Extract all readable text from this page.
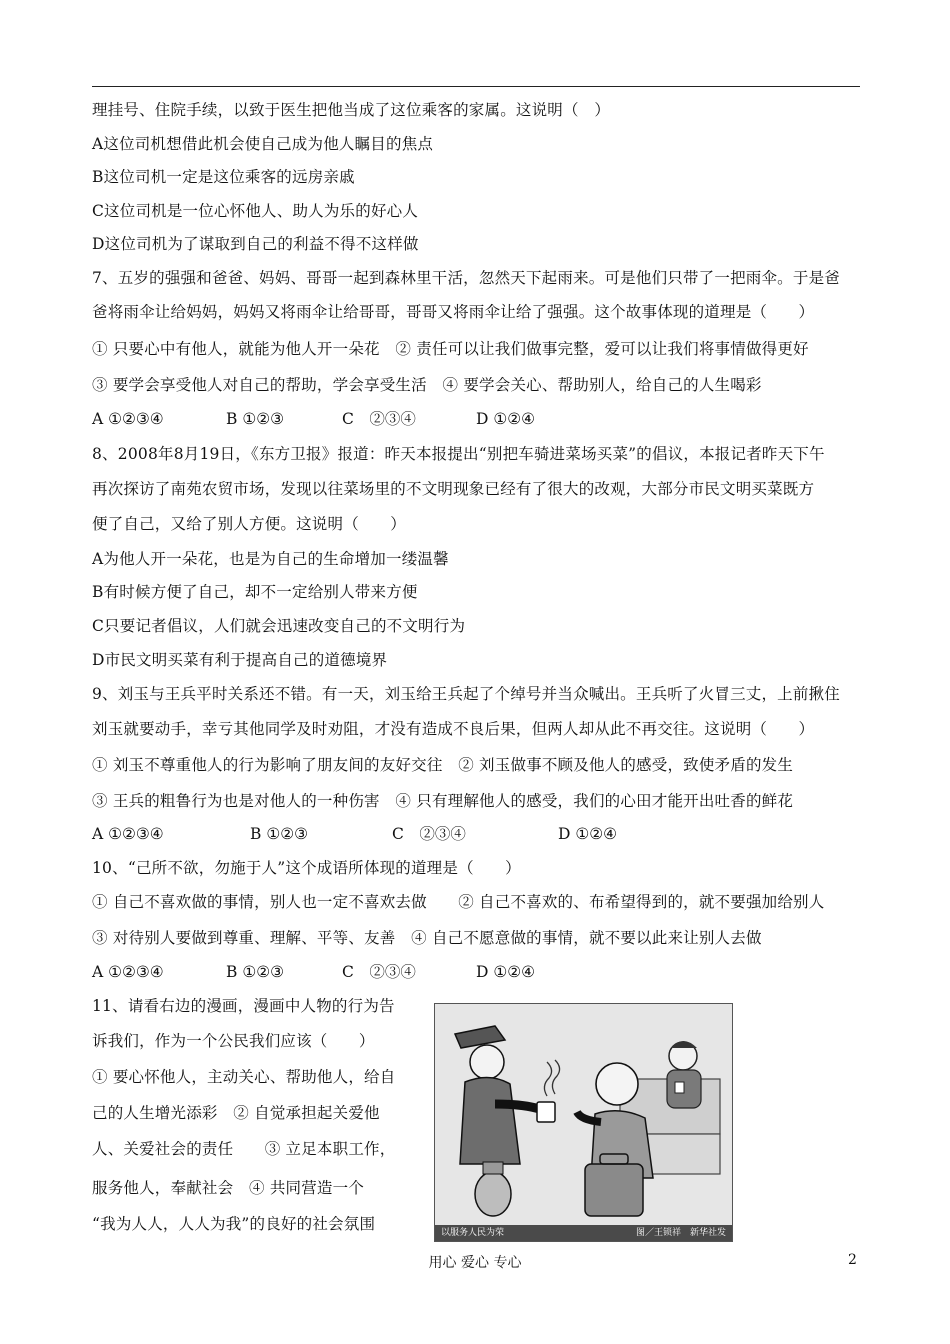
理挂号、住院手续，以致于医生把他当成了这位乘客的家属。这说明（　）
A这位司机想借此机会使自己成为他人瞩目的焦点
B这位司机一定是这位乘客的远房亲戚
C这位司机是一位心怀他人、助人为乐的好心人
D这位司机为了谋取到自己的利益不得不这样做
7、五岁的强强和爸爸、妈妈、哥哥一起到森林里干活，忽然天下起雨来。可是他们只带了一把雨伞。于是爸
爸将雨伞让给妈妈，妈妈又将雨伞让给哥哥，哥哥又将雨伞让给了强强。这个故事体现的道理是（　　）
① 只要心中有他人，就能为他人开一朵花　② 责任可以让我们做事完整，爱可以让我们将事情做得更好
③ 要学会享受他人对自己的帮助，学会享受生活　④ 要学会关心、帮助别人，给自己的人生喝彩
A ①②③④	B ①②③	C　②③④	D ①②④
8、2008年8月19日，《东方卫报》报道：昨天本报提出“别把车骑进菜场买菜”的倡议，本报记者昨天下午
再次探访了南苑农贸市场，发现以往菜场里的不文明现象已经有了很大的改观，大部分市民文明买菜既方
便了自己，又给了别人方便。这说明（　　）
A为他人开一朵花，也是为自己的生命增加一缕温馨
B有时候方便了自己，却不一定给别人带来方便
C只要记者倡议，人们就会迅速改变自己的不文明行为
D市民文明买菜有利于提高自己的道德境界
9、刘玉与王兵平时关系还不错。有一天，刘玉给王兵起了个绰号并当众喊出。王兵听了火冒三丈，上前揪住
刘玉就要动手，幸亏其他同学及时劝阻，才没有造成不良后果，但两人却从此不再交往。这说明（　　）
① 刘玉不尊重他人的行为影响了朋友间的友好交往　② 刘玉做事不顾及他人的感受，致使矛盾的发生
③ 王兵的粗鲁行为也是对他人的一种伤害　④ 只有理解他人的感受，我们的心田才能开出吐香的鲜花
A ①②③④	B ①②③	C　②③④	D ①②④
10、“己所不欲，勿施于人”这个成语所体现的道理是（　　）
① 自己不喜欢做的事情，别人也一定不喜欢去做　　② 自己不喜欢的、布希望得到的，就不要强加给别人
③ 对待别人要做到尊重、理解、平等、友善　④ 自己不愿意做的事情，就不要以此来让别人去做
A ①②③④	B ①②③	C　②③④	D ①②④
11、请看右边的漫画，漫画中人物的行为告
诉我们，作为一个公民我们应该（　　）
① 要心怀他人，主动关心、帮助他人，给自
己的人生增光添彩　② 自觉承担起关爱他
人、关爱社会的责任　　③ 立足本职工作，
服务他人，奉献社会　④ 共同营造一个
“我为人人，人人为我”的良好的社会氛围	以服务人民为荣	图／王锁祥　新华社发
用心 爱心 专心	2
